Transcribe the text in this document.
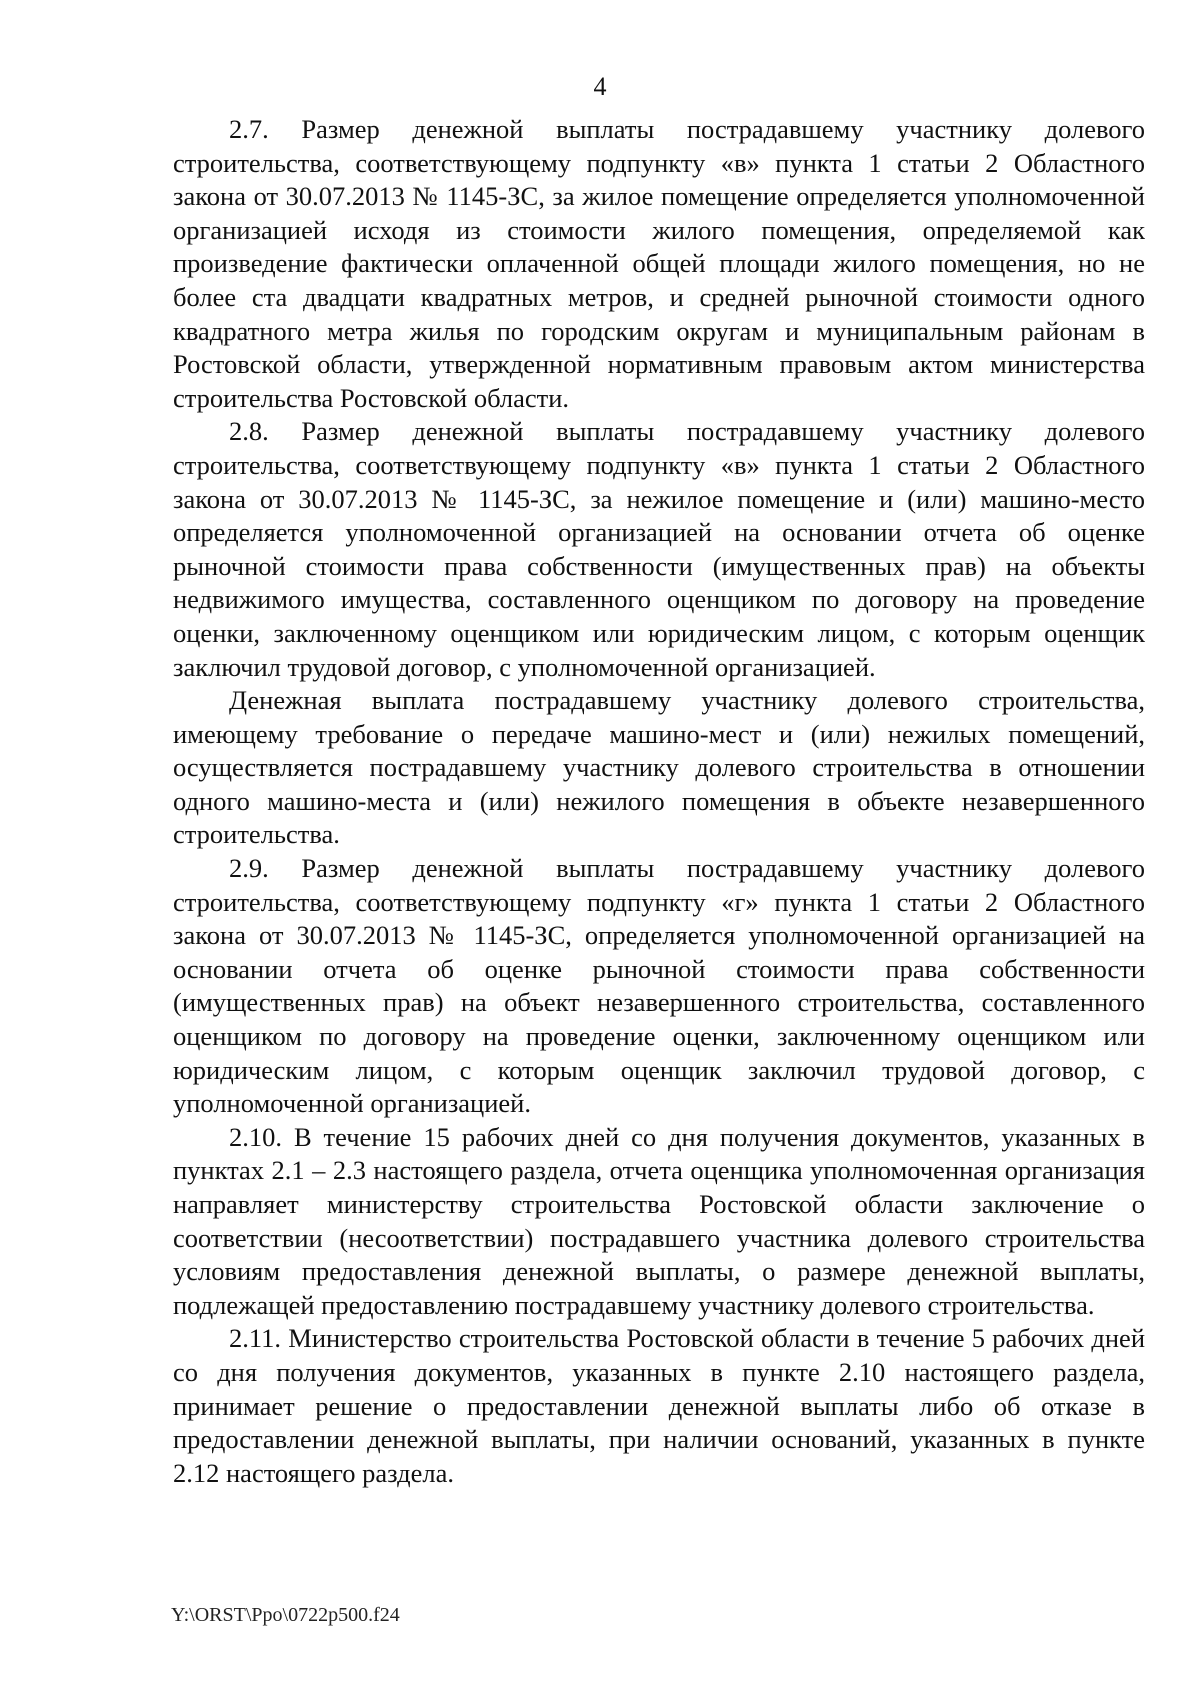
4

2.7. Размер денежной выплаты пострадавшему участнику долевого строительства, соответствующему подпункту «в» пункта 1 статьи 2 Областного закона от 30.07.2013 № 1145-ЗС, за жилое помещение определяется уполномоченной организацией исходя из стоимости жилого помещения, определяемой как произведение фактически оплаченной общей площади жилого помещения, но не более ста двадцати квадратных метров, и средней рыночной стоимости одного квадратного метра жилья по городским округам и муниципальным районам в Ростовской области, утвержденной нормативным правовым актом министерства строительства Ростовской области.

2.8. Размер денежной выплаты пострадавшему участнику долевого строительства, соответствующему подпункту «в» пункта 1 статьи 2 Областного закона от 30.07.2013 № 1145-ЗС, за нежилое помещение и (или) машино-место определяется уполномоченной организацией на основании отчета об оценке рыночной стоимости права собственности (имущественных прав) на объекты недвижимого имущества, составленного оценщиком по договору на проведение оценки, заключенному оценщиком или юридическим лицом, с которым оценщик заключил трудовой договор, с уполномоченной организацией.

Денежная выплата пострадавшему участнику долевого строительства, имеющему требование о передаче машино-мест и (или) нежилых помещений, осуществляется пострадавшему участнику долевого строительства в отношении одного машино-места и (или) нежилого помещения в объекте незавершенного строительства.

2.9. Размер денежной выплаты пострадавшему участнику долевого строительства, соответствующему подпункту «г» пункта 1 статьи 2 Областного закона от 30.07.2013 № 1145-ЗС, определяется уполномоченной организацией на основании отчета об оценке рыночной стоимости права собственности (имущественных прав) на объект незавершенного строительства, составленного оценщиком по договору на проведение оценки, заключенному оценщиком или юридическим лицом, с которым оценщик заключил трудовой договор, с уполномоченной организацией.

2.10. В течение 15 рабочих дней со дня получения документов, указанных в пунктах 2.1 – 2.3 настоящего раздела, отчета оценщика уполномоченная организация направляет министерству строительства Ростовской области заключение о соответствии (несоответствии) пострадавшего участника долевого строительства условиям предоставления денежной выплаты, о размере денежной выплаты, подлежащей предоставлению пострадавшему участнику долевого строительства.

2.11. Министерство строительства Ростовской области в течение 5 рабочих дней со дня получения документов, указанных в пункте 2.10 настоящего раздела, принимает решение о предоставлении денежной выплаты либо об отказе в предоставлении денежной выплаты, при наличии оснований, указанных в пункте 2.12 настоящего раздела.

Y:\ORST\Ppo\0722p500.f24
